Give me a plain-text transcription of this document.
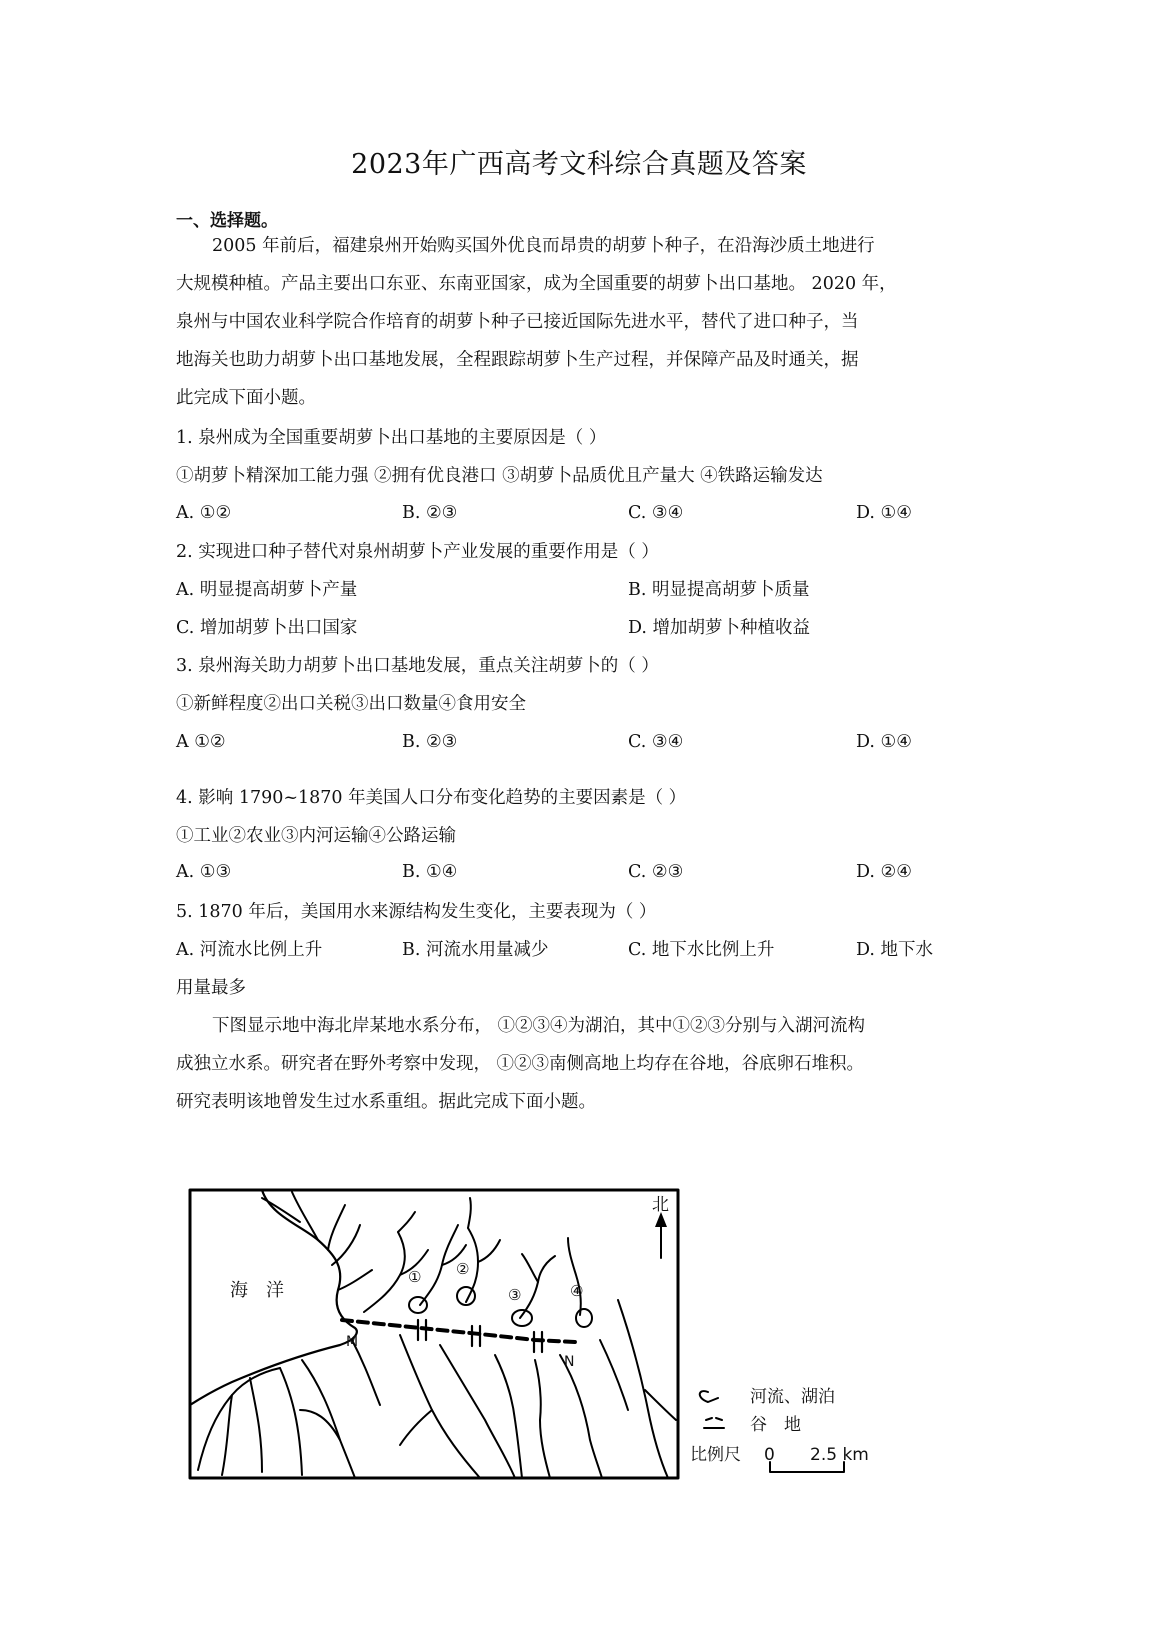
2023年广西高考文科综合真题及答案
一、选择题。
2005 年前后，福建泉州开始购买国外优良而昂贵的胡萝卜种子，在沿海沙质土地进行
大规模种植。产品主要出口东亚、东南亚国家，成为全国重要的胡萝卜出口基地。 2020 年，
泉州与中国农业科学院合作培育的胡萝卜种子已接近国际先进水平，替代了进口种子，当
地海关也助力胡萝卜出口基地发展，全程跟踪胡萝卜生产过程，并保障产品及时通关，据
此完成下面小题。
1. 泉州成为全国重要胡萝卜出口基地的主要原因是（ ）
①胡萝卜精深加工能力强 ②拥有优良港口 ③胡萝卜品质优且产量大 ④铁路运输发达
A. ①②	B. ②③	C. ③④	D. ①④
2. 实现进口种子替代对泉州胡萝卜产业发展的重要作用是（ ）
A. 明显提高胡萝卜产量	B. 明显提高胡萝卜质量
C. 增加胡萝卜出口国家	D. 增加胡萝卜种植收益
3. 泉州海关助力胡萝卜出口基地发展，重点关注胡萝卜的（ ）
①新鲜程度②出口关税③出口数量④食用安全
A ①②	B. ②③	C. ③④	D. ①④
4. 影响 1790~1870 年美国人口分布变化趋势的主要因素是（ ）
①工业②农业③内河运输④公路运输
A. ①③	B. ①④	C. ②③	D. ②④
5. 1870 年后，美国用水来源结构发生变化，主要表现为（ ）
A. 河流水比例上升	B. 河流水用量减少	C. 地下水比例上升	D. 地下水
用量最多
下图显示地中海北岸某地水系分布， ①②③④为湖泊，其中①②③分别与入湖河流构
成独立水系。研究者在野外考察中发现， ①②③南侧高地上均存在谷地，谷底卵石堆积。
研究表明该地曾发生过水系重组。据此完成下面小题。
北
海　洋
① ②
③	④
M
N
河流、湖泊
谷　地
比例尺 0 2.5 km
